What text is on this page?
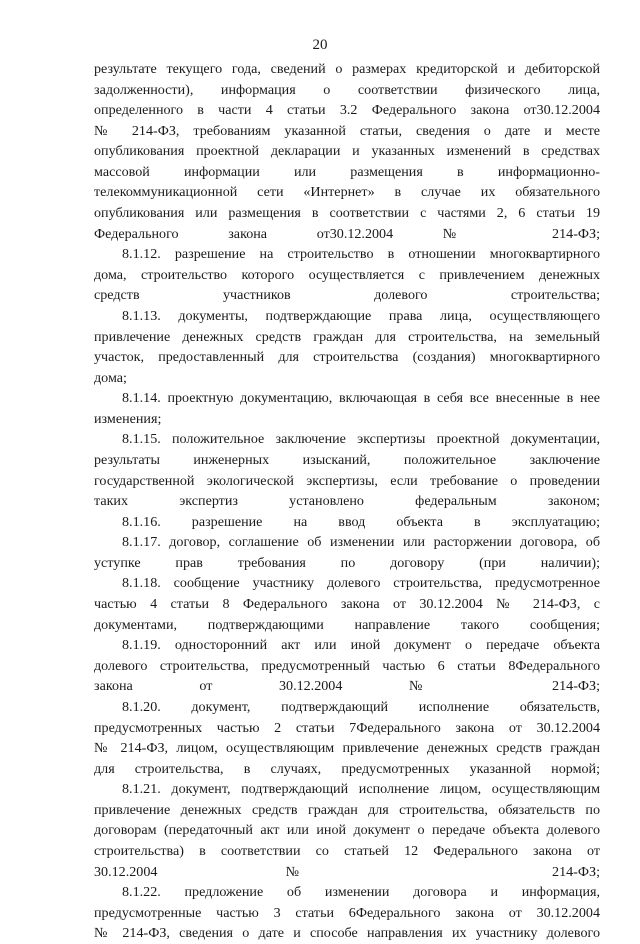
20
результате текущего года, сведений о размерах кредиторской и дебиторской
задолженности), информация о соответствии физического лица,
определенного в части 4 статьи 3.2 Федерального закона от30.12.2004
№ 214-ФЗ, требованиям указанной статьи, сведения о дате и месте
опубликования проектной декларации и указанных изменений в средствах
массовой информации или размещения в информационно-
телекоммуникационной сети «Интернет» в случае их обязательного
опубликования или размещения в соответствии с частями 2, 6 статьи 19
Федерального закона от30.12.2004 № 214-ФЗ;
8.1.12. разрешение на строительство в отношении многоквартирного
дома, строительство которого осуществляется с привлечением денежных
средств участников долевого строительства;
8.1.13. документы, подтверждающие права лица, осуществляющего
привлечение денежных средств граждан для строительства, на земельный
участок, предоставленный для строительства (создания) многоквартирного
дома;
8.1.14. проектную документацию, включающая в себя все внесенные в нее
изменения;
8.1.15. положительное заключение экспертизы проектной документации,
результаты инженерных изысканий, положительное заключение
государственной экологической экспертизы, если требование о проведении
таких экспертиз установлено федеральным законом;
8.1.16. разрешение на ввод объекта в эксплуатацию;
8.1.17. договор, соглашение об изменении или расторжении договора, об
уступке прав требования по договору (при наличии);
8.1.18. сообщение участнику долевого строительства, предусмотренное
частью 4 статьи 8 Федерального закона от 30.12.2004 № 214-ФЗ, с
документами, подтверждающими направление такого сообщения;
8.1.19. односторонний акт или иной документ о передаче объекта
долевого строительства, предусмотренный частью 6 статьи 8Федерального
закона от 30.12.2004 № 214-ФЗ;
8.1.20. документ, подтверждающий исполнение обязательств,
предусмотренных частью 2 статьи 7Федерального закона от 30.12.2004
№ 214-ФЗ, лицом, осуществляющим привлечение денежных средств граждан
для строительства, в случаях, предусмотренных указанной нормой;
8.1.21. документ, подтверждающий исполнение лицом, осуществляющим
привлечение денежных средств граждан для строительства, обязательств по
договорам (передаточный акт или иной документ о передаче объекта долевого
строительства) в соответствии со статьей 12 Федерального закона от
30.12.2004 № 214-ФЗ;
8.1.22. предложение об изменении договора и информация,
предусмотренные частью 3 статьи 6Федерального закона от 30.12.2004
№ 214-ФЗ, сведения о дате и способе направления их участнику долевого
